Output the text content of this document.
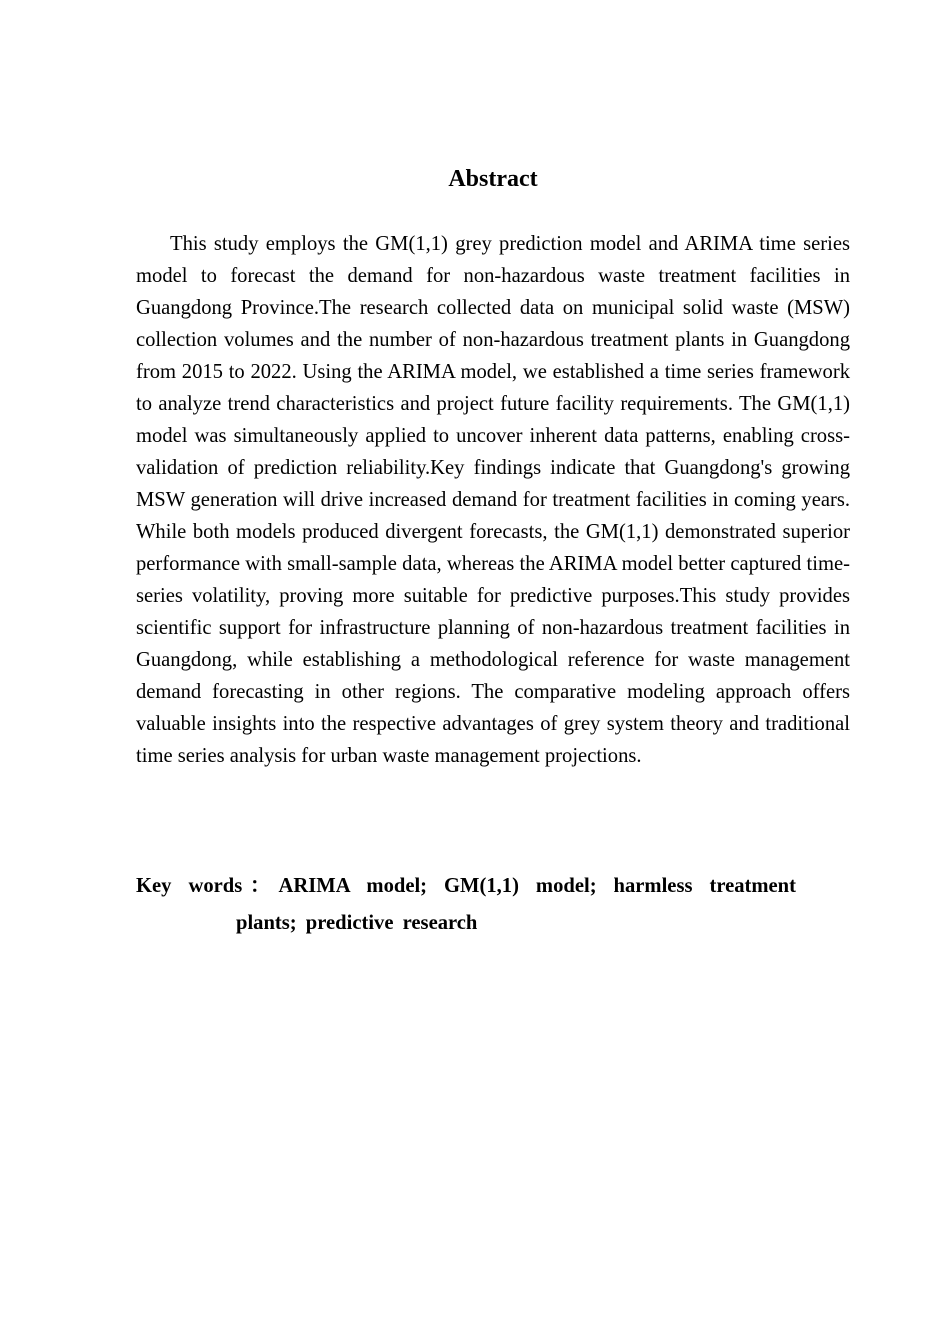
Abstract

This study employs the GM(1,1) grey prediction model and ARIMA time series model to forecast the demand for non-hazardous waste treatment facilities in Guangdong Province.The research collected data on municipal solid waste (MSW) collection volumes and the number of non-hazardous treatment plants in Guangdong from 2015 to 2022. Using the ARIMA model, we established a time series framework to analyze trend characteristics and project future facility requirements. The GM(1,1) model was simultaneously applied to uncover inherent data patterns, enabling cross-validation of prediction reliability.Key findings indicate that Guangdong's growing MSW generation will drive increased demand for treatment facilities in coming years. While both models produced divergent forecasts, the GM(1,1) demonstrated superior performance with small-sample data, whereas the ARIMA model better captured time-series volatility, proving more suitable for predictive purposes.This study provides scientific support for infrastructure planning of non-hazardous treatment facilities in Guangdong, while establishing a methodological reference for waste management demand forecasting in other regions. The comparative modeling approach offers valuable insights into the respective advantages of grey system theory and traditional time series analysis for urban waste management projections.

Key words：ARIMA model; GM(1,1) model; harmless treatment plants; predictive research
